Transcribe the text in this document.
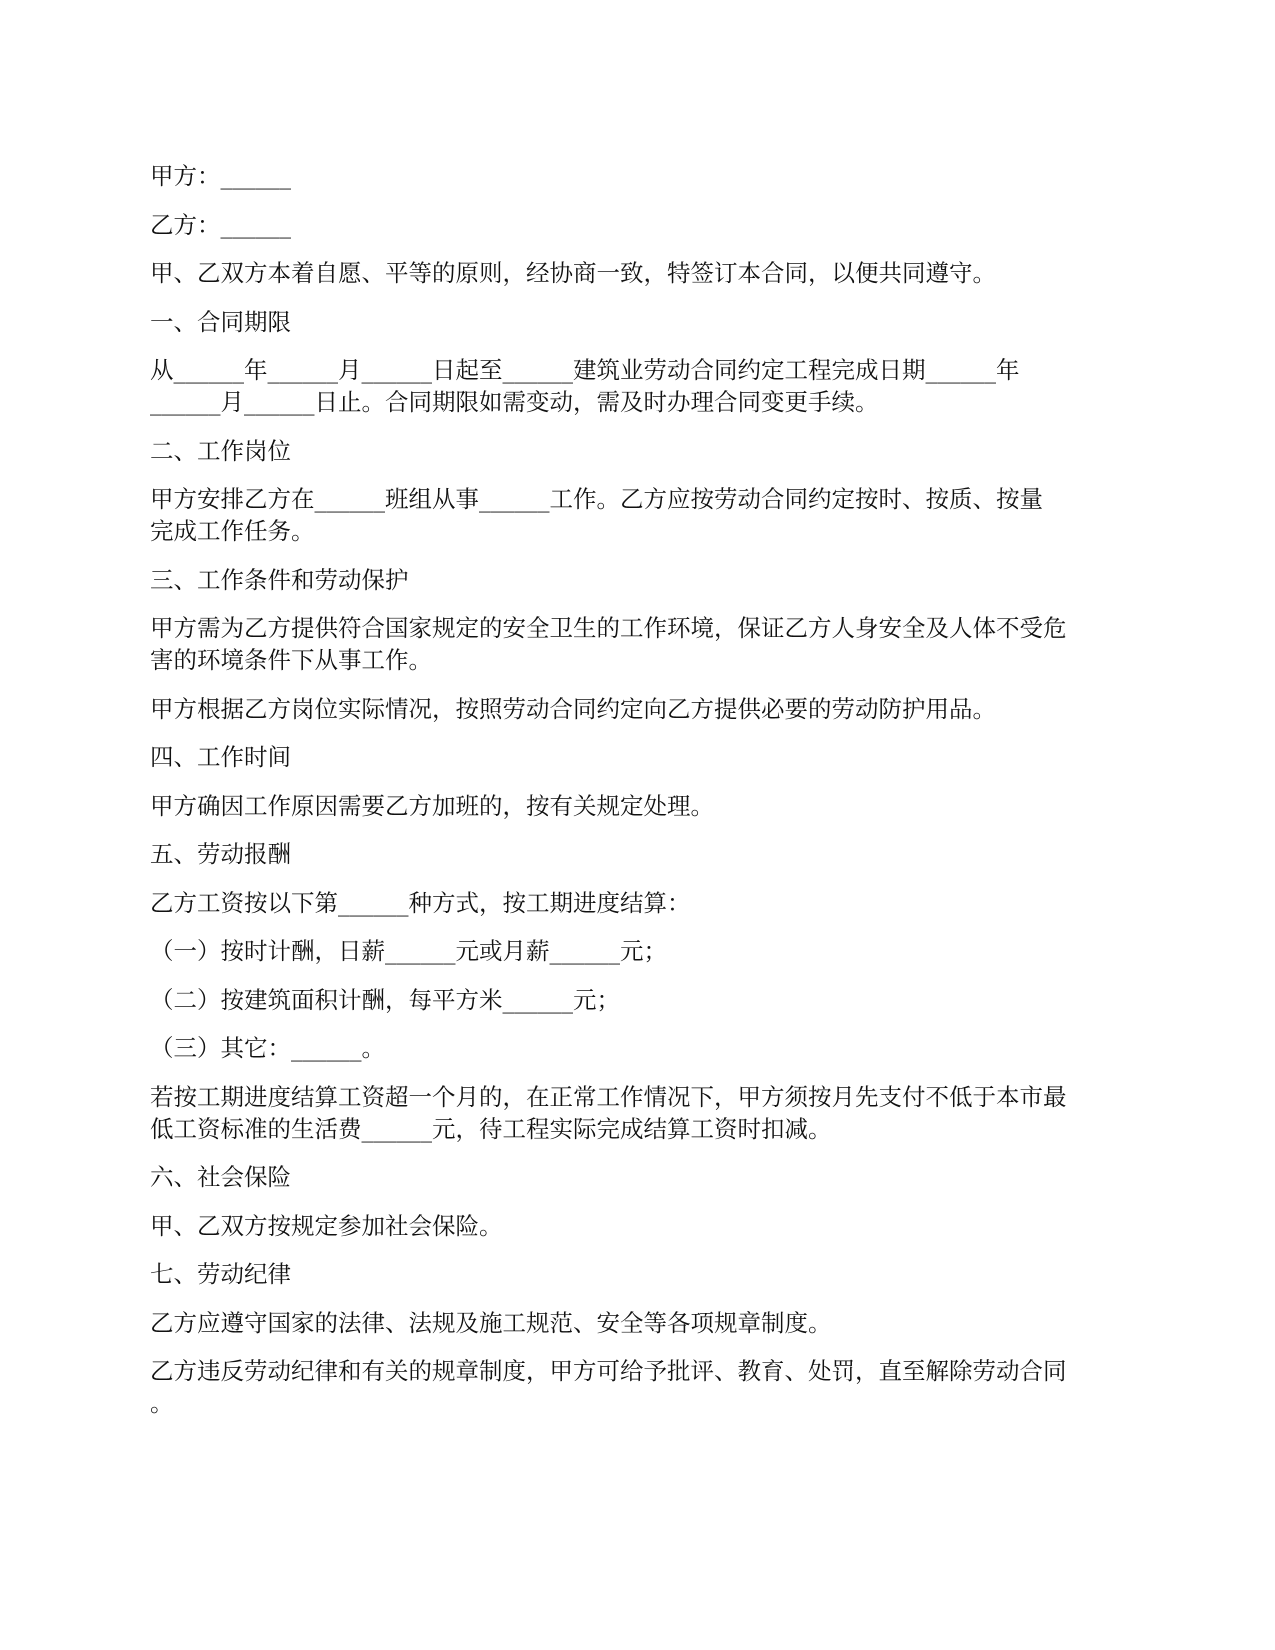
甲方：______

乙方：______

甲、乙双方本着自愿、平等的原则，经协商一致，特签订本合同，以便共同遵守。

一、合同期限

从______年______月______日起至______建筑业劳动合同约定工程完成日期______年
______月______日止。合同期限如需变动，需及时办理合同变更手续。

二、工作岗位

甲方安排乙方在______班组从事______工作。乙方应按劳动合同约定按时、按质、按量
完成工作任务。

三、工作条件和劳动保护

甲方需为乙方提供符合国家规定的安全卫生的工作环境，保证乙方人身安全及人体不受危
害的环境条件下从事工作。

甲方根据乙方岗位实际情况，按照劳动合同约定向乙方提供必要的劳动防护用品。

四、工作时间

甲方确因工作原因需要乙方加班的，按有关规定处理。

五、劳动报酬

乙方工资按以下第______种方式，按工期进度结算：

（一）按时计酬，日薪______元或月薪______元；

（二）按建筑面积计酬，每平方米______元；

（三）其它：______。

若按工期进度结算工资超一个月的，在正常工作情况下，甲方须按月先支付不低于本市最
低工资标准的生活费______元，待工程实际完成结算工资时扣减。

六、社会保险

甲、乙双方按规定参加社会保险。

七、劳动纪律

乙方应遵守国家的法律、法规及施工规范、安全等各项规章制度。

乙方违反劳动纪律和有关的规章制度，甲方可给予批评、教育、处罚，直至解除劳动合同
。
